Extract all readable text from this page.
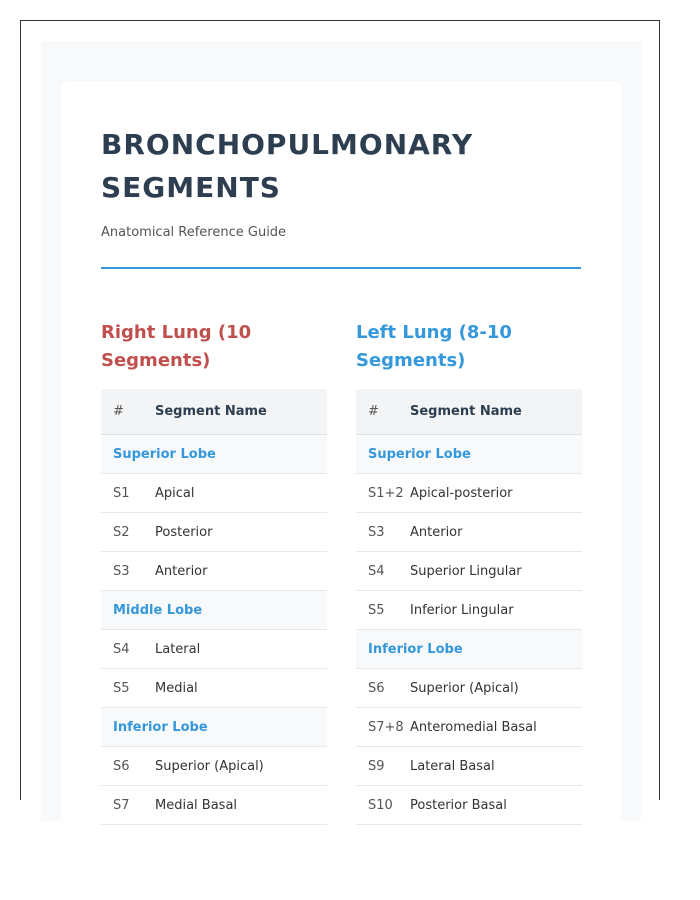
BRONCHOPULMONARY SEGMENTS

Anatomical Reference Guide

Right Lung (10 Segments)
#	Segment Name
Superior Lobe	
S1	Apical
S2	Posterior
S3	Anterior
Middle Lobe	
S4	Lateral
S5	Medial
Inferior Lobe	
S6	Superior (Apical)
S7	Medial Basal
Left Lung (8-10 Segments)
#	Segment Name
Superior Lobe	
S1+2	Apical-posterior
S3	Anterior
S4	Superior Lingular
S5	Inferior Lingular
Inferior Lobe	
S6	Superior (Apical)
S7+8	Anteromedial Basal
S9	Lateral Basal
S10	Posterior Basal
